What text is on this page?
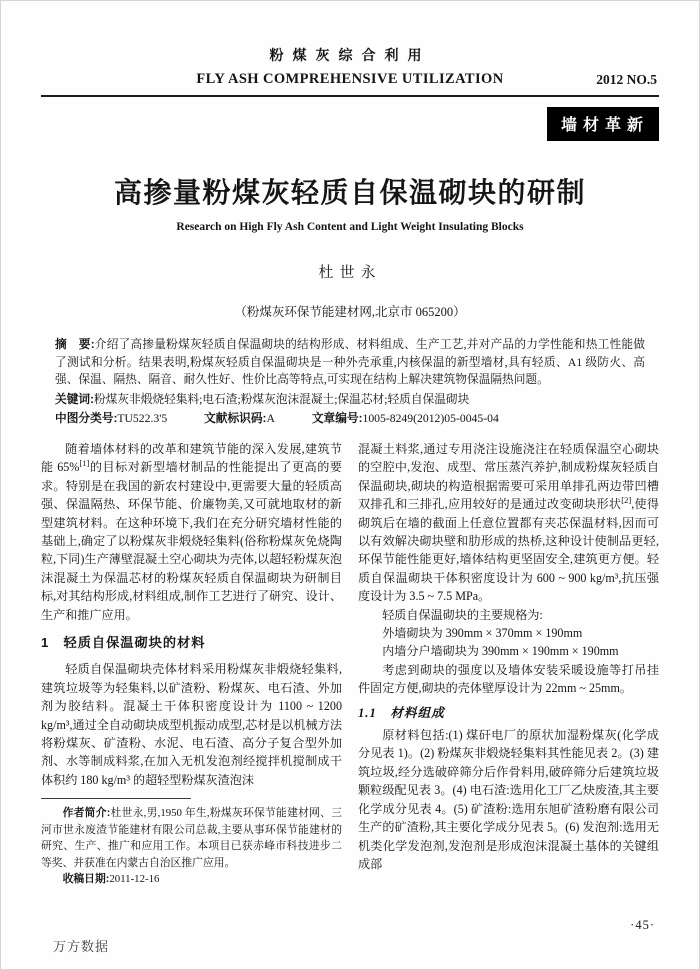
粉煤灰综合利用
FLY ASH COMPREHENSIVE UTILIZATION	2012 NO.5
墙材革新
高掺量粉煤灰轻质自保温砌块的研制
Research on High Fly Ash Content and Light Weight Insulating Blocks
杜世永
（粉煤灰环保节能建材网,北京市 065200）
摘　要:介绍了高掺量粉煤灰轻质自保温砌块的结构形成、材料组成、生产工艺,并对产品的力学性能和热工性能做了测试和分析。结果表明,粉煤灰轻质自保温砌块是一种外壳承重,内核保温的新型墙材,具有轻质、A1 级防火、高强、保温、隔热、隔音、耐久性好、性价比高等特点,可实现在结构上解决建筑物保温隔热问题。
关键词:粉煤灰非煅烧轻集料;电石渣;粉煤灰泡沫混凝土;保温芯材;轻质自保温砌块
中图分类号:TU522.3'5	文献标识码:A	文章编号:1005-8249(2012)05-0045-04

随着墙体材料的改革和建筑节能的深入发展,建筑节能 65%[1]的目标对新型墙材制品的性能提出了更高的要求。特别是在我国的新农村建设中,更需要大量的轻质高强、保温隔热、环保节能、价廉物美,又可就地取材的新型建筑材料。在这种环境下,我们在充分研究墙材性能的基础上,确定了以粉煤灰非煅烧轻集料(俗称粉煤灰免烧陶粒,下同)生产薄壁混凝土空心砌块为壳体,以超轻粉煤灰泡沫混凝土为保温芯材的粉煤灰轻质自保温砌块为研制目标,对其结构形成,材料组成,制作工艺进行了研究、设计、生产和推广应用。

1　轻质自保温砌块的材料

轻质自保温砌块壳体材料采用粉煤灰非煅烧轻集料,建筑垃圾等为轻集料,以矿渣粉、粉煤灰、电石渣、外加剂为胶结料。混凝土干体积密度设计为 1100 ~ 1200 kg/m³,通过全自动砌块成型机振动成型,芯材是以机械方法将粉煤灰、矿渣粉、水泥、电石渣、高分子复合型外加剂、水等制成料浆,在加入无机发泡剂经搅拌机搅制成干体积约 180 kg/m³ 的超轻型粉煤灰渣泡沫

作者简介:杜世永,男,1950 年生,粉煤灰环保节能建材网、三河市世永废渣节能建材有限公司总裁,主要从事环保节能建材的研究、生产、推广和应用工作。本项目已获赤峰市科技进步二等奖、并获准在内蒙古自治区推广应用。

收稿日期:2011-12-16

混凝土料浆,通过专用浇注设施浇注在轻质保温空心砌块的空腔中,发泡、成型、常压蒸汽养护,制成粉煤灰轻质自保温砌块,砌块的构造根据需要可采用单排孔两边带凹槽双排孔和三排孔,应用较好的是通过改变砌块形状[2],使得砌筑后在墙的截面上任意位置都有夹芯保温材料,因而可以有效解决砌块壁和肋形成的热桥,这种设计使制品更轻,环保节能性能更好,墙体结构更坚固安全,建筑更方便。轻质自保温砌块干体积密度设计为 600 ~ 900 kg/m³,抗压强度设计为 3.5 ~ 7.5 MPa。

轻质自保温砌块的主要规格为:

外墙砌块为 390mm × 370mm × 190mm

内墙分户墙砌块为 390mm × 190mm × 190mm

考虑到砌块的强度以及墙体安装采暖设施等打吊挂件固定方便,砌块的壳体壁厚设计为 22mm ~ 25mm。

1.1　材料组成

原材料包括:(1) 煤矸电厂的原状加湿粉煤灰(化学成分见表 1)。(2) 粉煤灰非煅烧轻集料其性能见表 2。(3) 建筑垃圾,经分选破碎筛分后作骨料用,破碎筛分后建筑垃圾颗粒级配见表 3。(4) 电石渣:选用化工厂乙炔废渣,其主要化学成分见表 4。(5) 矿渣粉:选用东旭矿渣粉磨有限公司生产的矿渣粉,其主要化学成分见表 5。(6) 发泡剂:选用无机类化学发泡剂,发泡剂是形成泡沫混凝土基体的关键组成部

·45·
万方数据
